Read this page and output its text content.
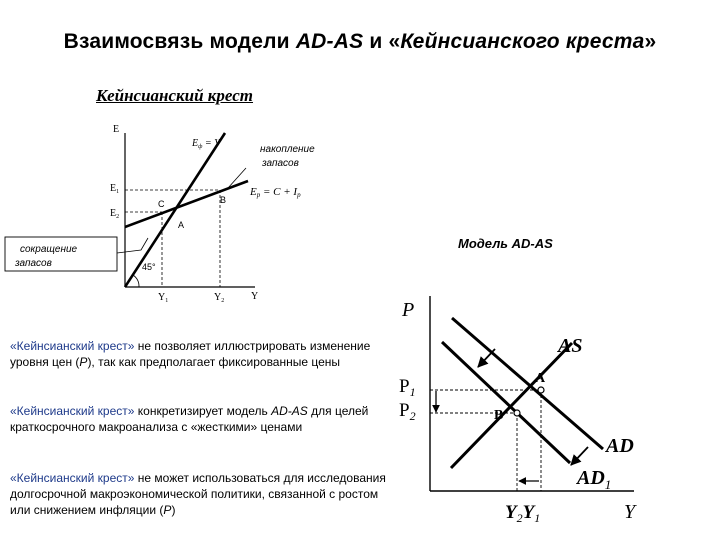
Взаимосвязь модели AD-AS и «Кейнсианского креста»
Кейнсианский крест
Модель AD-AS
E
Y
$E_1$
$E_2$
$Y_1$	$Y_2$
C	B
A
45°
$E_ф = Y$
Ep = C + Ip
накопление
запасов
сокращение
запасов
P
Y
A
B
AS
AD
$AD_1$
$P_1$
$P_2$
$Y_2Y_1$
«Кейнсианский крест» не позволяет иллюстрировать изменение уровня цен (Р), так как предполагает фиксированные цены
«Кейнсианский крест» конкретизирует модель AD-AS для целей краткосрочного макроанализа с «жесткими» ценами
«Кейнсианский крест» не может использоваться для исследования долгосрочной макроэкономической политики, связанной с ростом или снижением инфляции (Р)
